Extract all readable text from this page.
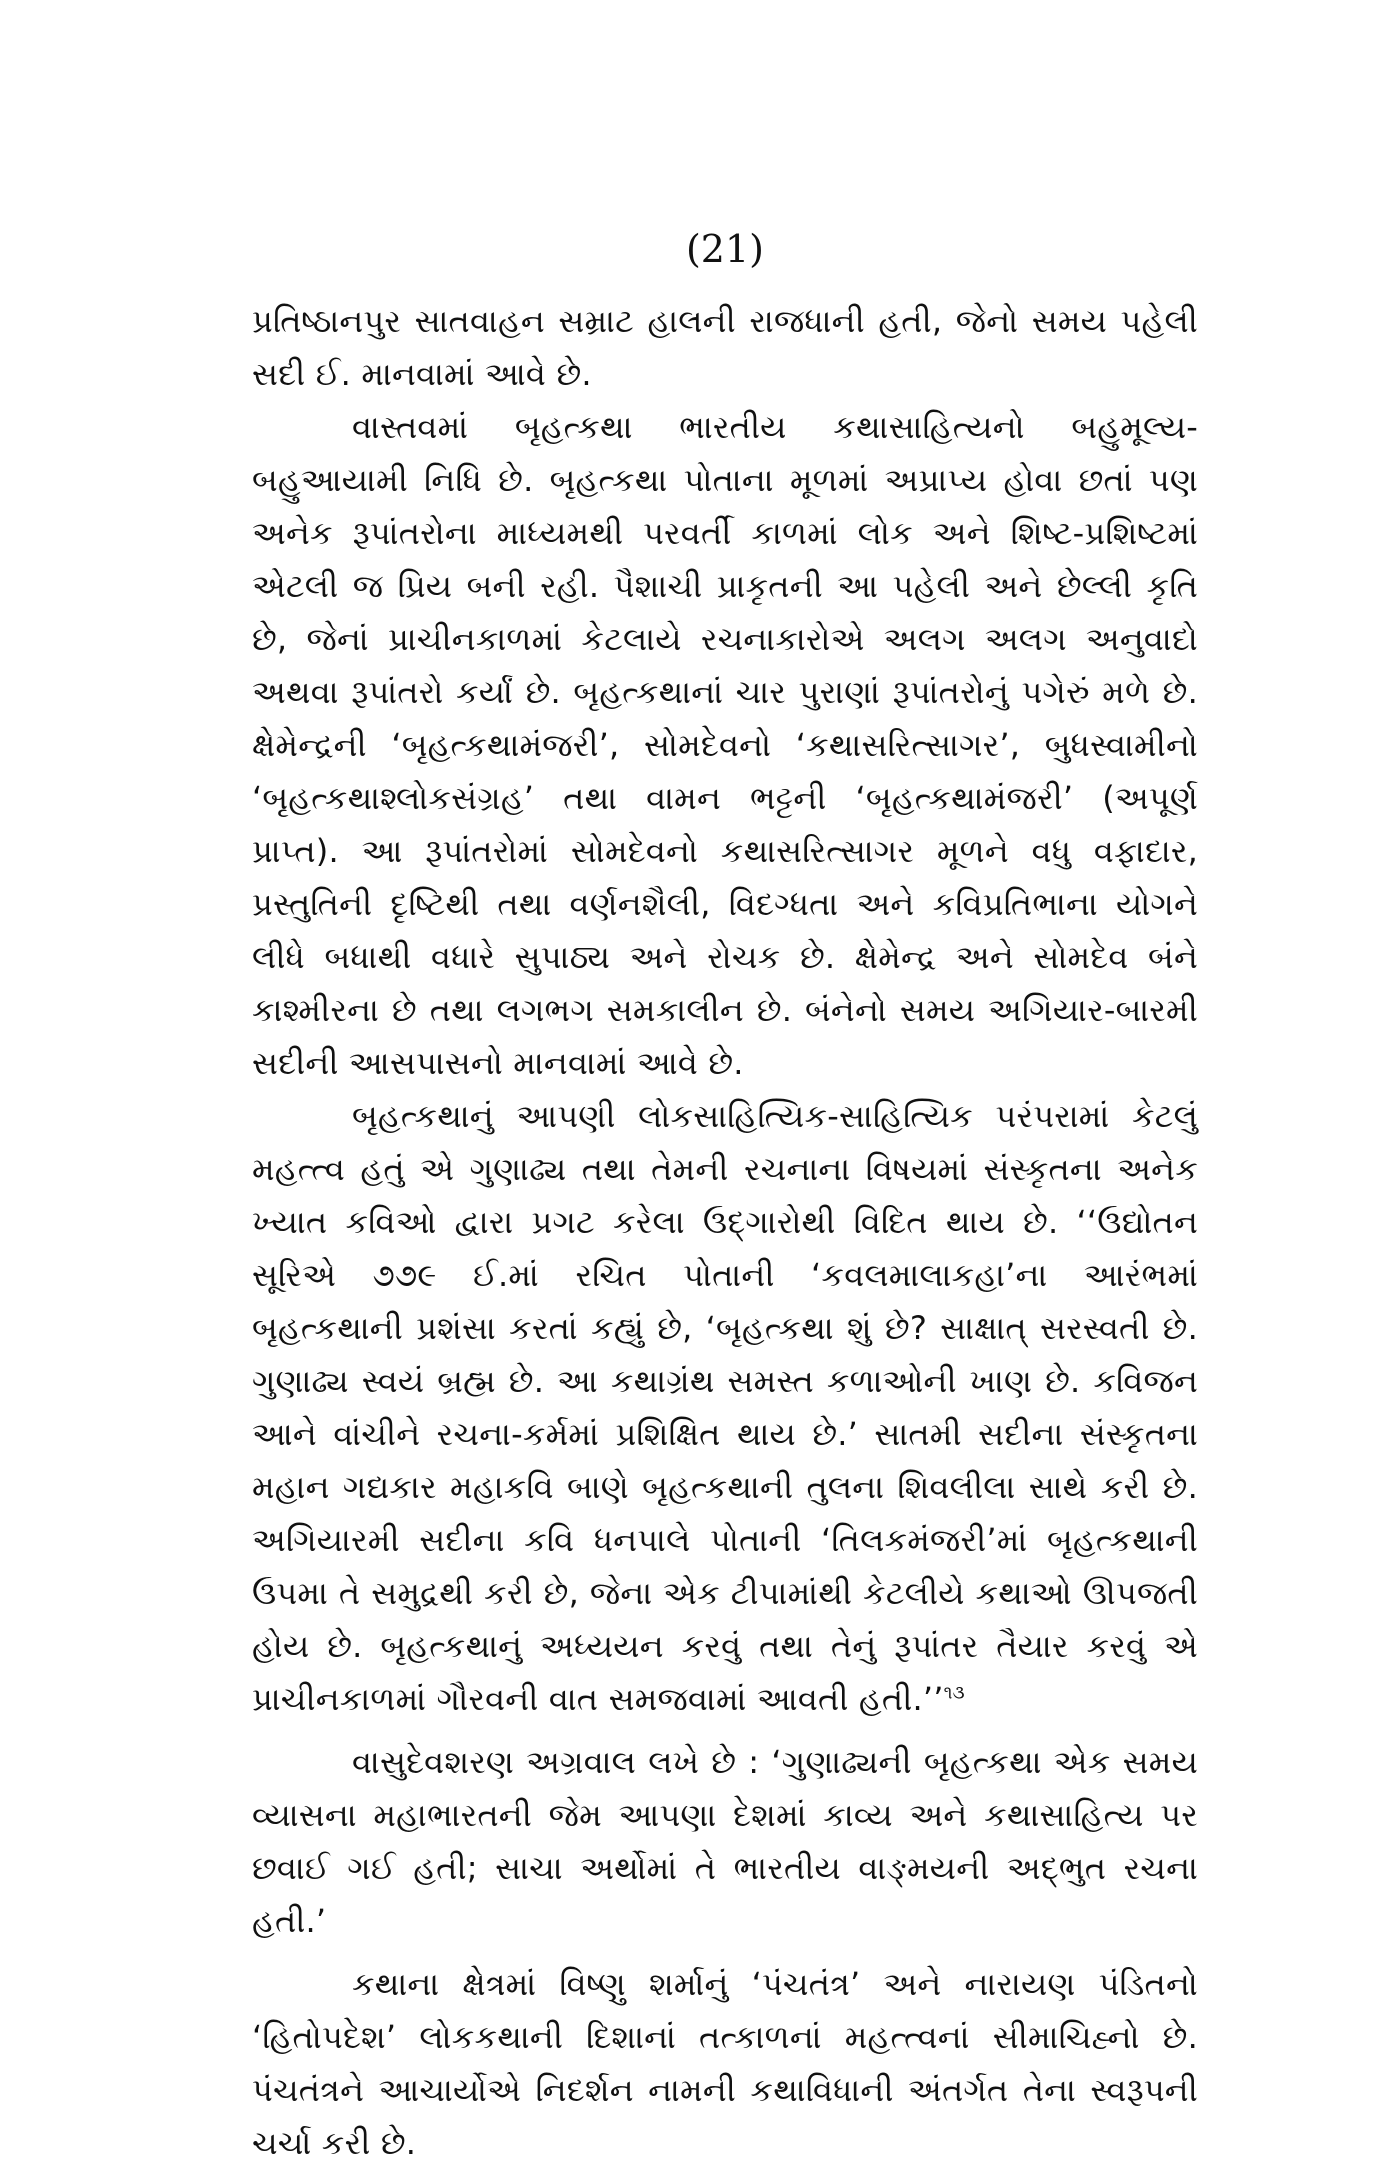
(21)

પ્રતિષ્ઠાનપુર સાતવાહન સમ્રાટ હાલની રાજધાની હતી, જેનો સમય પહેલી સદી ઈ. માનવામાં આવે છે.

વાસ્તવમાં બૃહત્કથા ભારતીય કથાસાહિત્યનો બહુમૂલ્ય-બહુઆયામી નિધિ છે. બૃહત્કથા પોતાના મૂળમાં અપ્રાપ્ય હોવા છતાં પણ અનેક રૂપાંતરોના માધ્યમથી પરવર્તી કાળમાં લોક અને શિષ્ટ-પ્રશિષ્ટમાં એટલી જ પ્રિય બની રહી. પૈશાચી પ્રાકૃતની આ પહેલી અને છેલ્લી કૃતિ છે, જેનાં પ્રાચીનકાળમાં કેટલાયે રચનાકારોએ અલગ અલગ અનુવાદો અથવા રૂપાંતરો કર્યાં છે. બૃહત્કથાનાં ચાર પુરાણાં રૂપાંતરોનું પગેરું મળે છે. ક્ષેમેન્દ્રની ‘બૃહત્કથામંજરી’, સોમદેવનો ‘કથાસરિત્સાગર’, બુધસ્વામીનો ‘બૃહત્કથાશ્લોકસંગ્રહ’ તથા વામન ભટ્ટની ‘બૃહત્કથામંજરી’ (અપૂર્ણ પ્રાપ્ત). આ રૂપાંતરોમાં સોમદેવનો કથાસરિત્સાગર મૂળને વધુ વફાદાર, પ્રસ્તુતિની દૃષ્ટિથી તથા વર્ણનશૈલી, વિદગ્ધતા અને કવિપ્રતિભાના યોગને લીધે બધાથી વધારે સુપાઠ્ય અને રોચક છે. ક્ષેમેન્દ્ર અને સોમદેવ બંને કાશ્મીરના છે તથા લગભગ સમકાલીન છે. બંનેનો સમય અગિયાર-બારમી સદીની આસપાસનો માનવામાં આવે છે.

બૃહત્કથાનું આપણી લોકસાહિત્યિક-સાહિત્યિક પરંપરામાં કેટલું મહત્ત્વ હતું એ ગુણાઢ્ય તથા તેમની રચનાના વિષયમાં સંસ્કૃતના અનેક ખ્યાત કવિઓ દ્વારા પ્રગટ કરેલા ઉદ્ગારોથી વિદિત થાય છે. ‘‘ઉદ્યોતન સૂરિએ ૭૭૯ ઈ.માં રચિત પોતાની ‘કવલમાલાકહા’ના આરંભમાં બૃહત્કથાની પ્રશંસા કરતાં કહ્યું છે, ‘બૃહત્કથા શું છે? સાક્ષાત્ સરસ્વતી છે. ગુણાઢ્ય સ્વયં બ્રહ્મ છે. આ કથાગ્રંથ સમસ્ત કળાઓની ખાણ છે. કવિજન આને વાંચીને રચના-કર્મમાં પ્રશિક્ષિત થાય છે.’ સાતમી સદીના સંસ્કૃતના મહાન ગદ્યકાર મહાકવિ બાણે બૃહત્કથાની તુલના શિવલીલા સાથે કરી છે. અગિયારમી સદીના કવિ ધનપાલે પોતાની ‘તિલકમંજરી’માં બૃહત્કથાની ઉપમા તે સમુદ્રથી કરી છે, જેના એક ટીપામાંથી કેટલીયે કથાઓ ઊપજતી હોય છે. બૃહત્કથાનું અધ્યયન કરવું તથા તેનું રૂપાંતર તૈયાર કરવું એ પ્રાચીનકાળમાં ગૌરવની વાત સમજવામાં આવતી હતી.’’$^{૧૩}$

વાસુદેવશરણ અગ્રવાલ લખે છે : ‘ગુણાઢ્યની બૃહત્કથા એક સમય વ્યાસના મહાભારતની જેમ આપણા દેશમાં કાવ્ય અને કથાસાહિત્ય પર છવાઈ ગઈ હતી; સાચા અર્થોમાં તે ભારતીય વાઙ્મયની અદ્ભુત રચના હતી.’

કથાના ક્ષેત્રમાં વિષ્ણુ શર્માનું ‘પંચતંત્ર’ અને નારાયણ પંડિતનો ‘હિતોપદેશ’ લોકકથાની દિશાનાં તત્કાળનાં મહત્ત્વનાં સીમાચિહ્નો છે. પંચતંત્રને આચાર્યોએ નિદર્શન નામની કથાવિધાની અંતર્ગત તેના સ્વરૂપની ચર્ચા કરી છે.
